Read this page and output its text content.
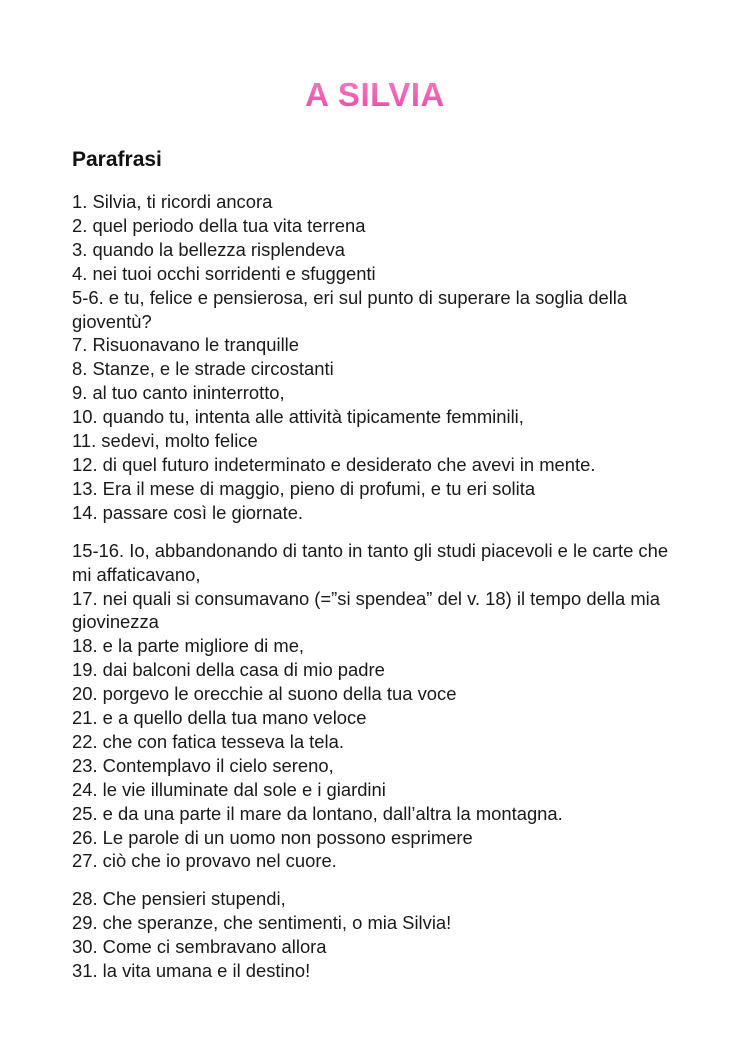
A SILVIA
Parafrasi
1. Silvia, ti ricordi ancora
2. quel periodo della tua vita terrena
3. quando la bellezza risplendeva
4. nei tuoi occhi sorridenti e sfuggenti
5-6. e tu, felice e pensierosa, eri sul punto di superare la soglia della gioventù?
7. Risuonavano le tranquille
8. Stanze, e le strade circostanti
9. al tuo canto ininterrotto,
10. quando tu, intenta alle attività tipicamente femminili,
11. sedevi, molto felice
12. di quel futuro indeterminato e desiderato che avevi in mente.
13. Era il mese di maggio, pieno di profumi, e tu eri solita
14. passare così le giornate.
15-16. Io, abbandonando di tanto in tanto gli studi piacevoli e le carte che mi affaticavano,
17. nei quali si consumavano (=”si spendea” del v. 18) il tempo della mia giovinezza
18. e la parte migliore di me,
19. dai balconi della casa di mio padre
20. porgevo le orecchie al suono della tua voce
21. e a quello della tua mano veloce
22. che con fatica tesseva la tela.
23. Contemplavo il cielo sereno,
24. le vie illuminate dal sole e i giardini
25. e da una parte il mare da lontano, dall’altra la montagna.
26. Le parole di un uomo non possono esprimere
27. ciò che io provavo nel cuore.
28. Che pensieri stupendi,
29. che speranze, che sentimenti, o mia Silvia!
30. Come ci sembravano allora
31. la vita umana e il destino!
